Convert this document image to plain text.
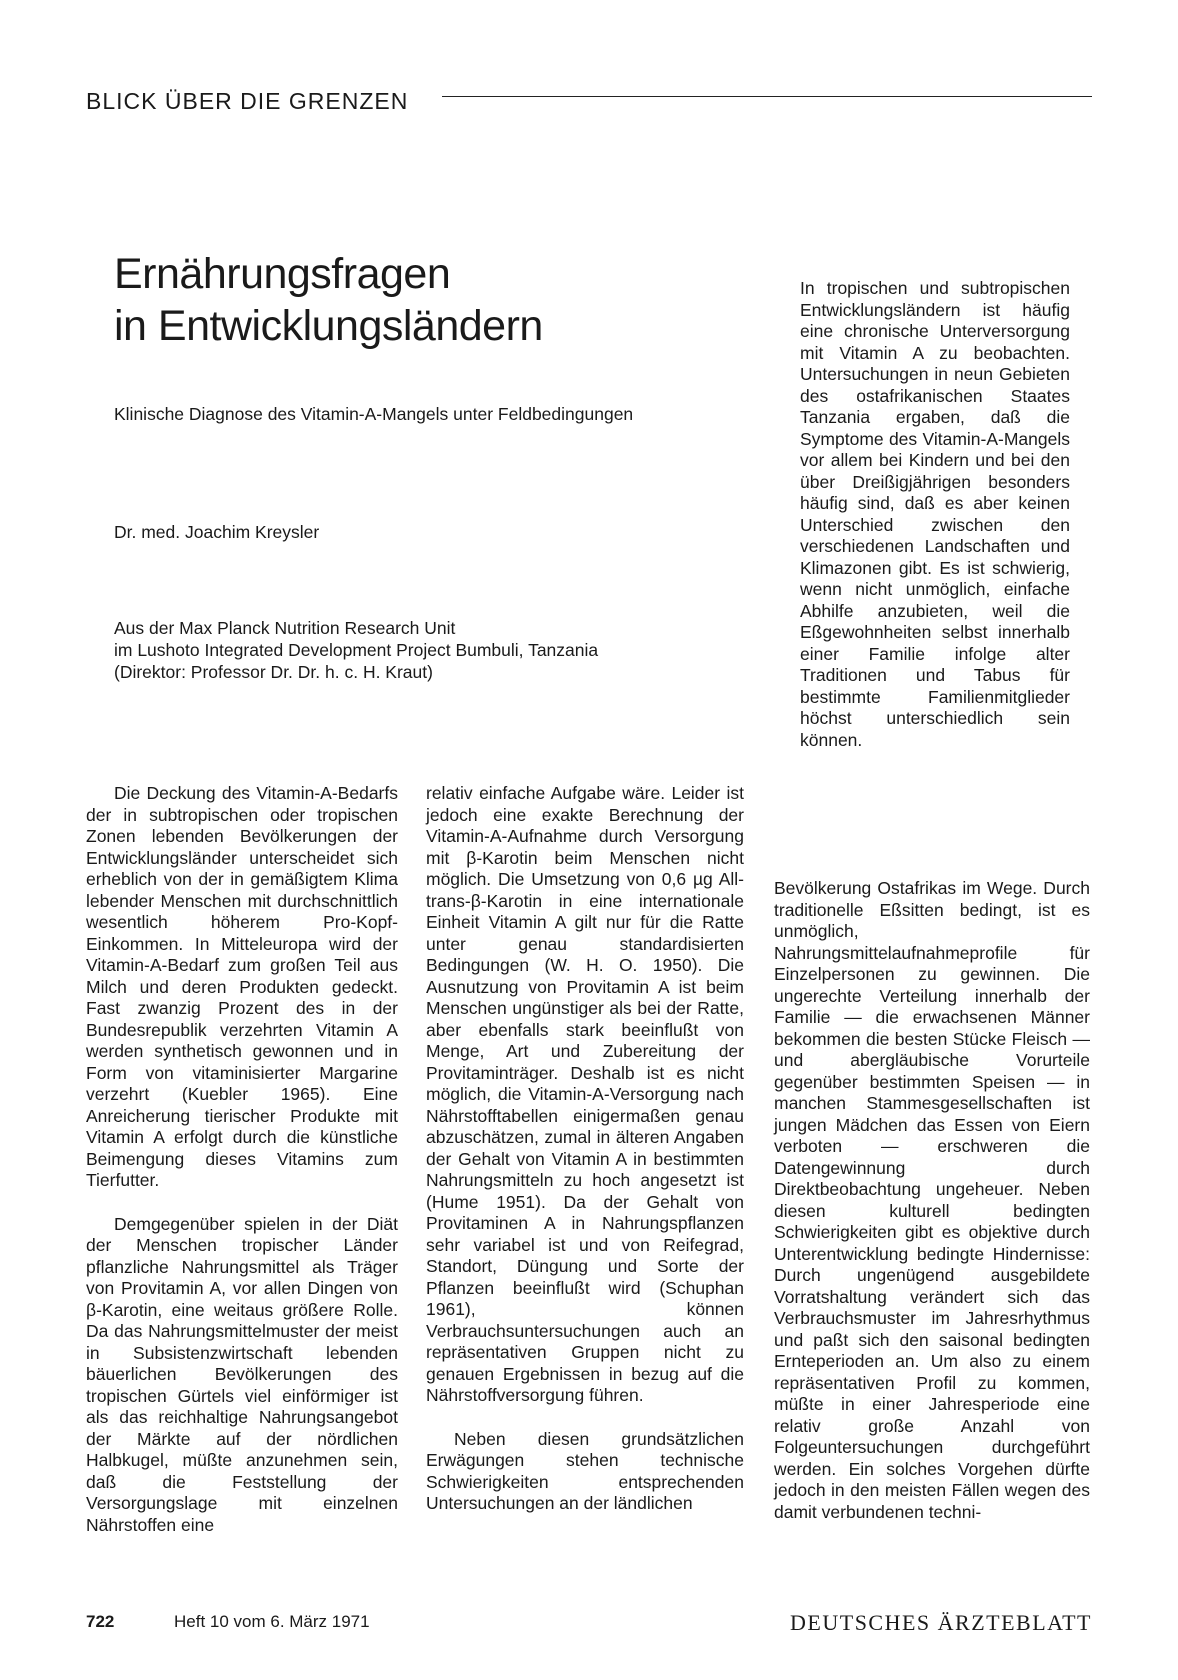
BLICK ÜBER DIE GRENZEN
Ernährungsfragen
in Entwicklungsländern
Klinische Diagnose des Vitamin-A-Mangels unter Feldbedingungen
Dr. med. Joachim Kreysler
Aus der Max Planck Nutrition Research Unit
im Lushoto Integrated Development Project Bumbuli, Tanzania
(Direktor: Professor Dr. Dr. h. c. H. Kraut)

In tropischen und subtropischen Entwicklungsländern ist häufig eine chronische Unterversorgung mit Vitamin A zu beobachten. Untersuchungen in neun Gebieten des ostafrikanischen Staates Tanzania ergaben, daß die Symptome des Vitamin-A-Mangels vor allem bei Kindern und bei den über Dreißigjährigen besonders häufig sind, daß es aber keinen Unterschied zwischen den verschiedenen Landschaften und Klimazonen gibt. Es ist schwierig, wenn nicht unmöglich, einfache Abhilfe anzubieten, weil die Eßgewohnheiten selbst innerhalb einer Familie infolge alter Traditionen und Tabus für bestimmte Familienmitglieder höchst unterschiedlich sein können.

Die Deckung des Vitamin-A-Bedarfs der in subtropischen oder tropischen Zonen lebenden Bevölkerungen der Entwicklungsländer unterscheidet sich erheblich von der in gemäßigtem Klima lebender Menschen mit durchschnittlich wesentlich höherem Pro-Kopf-Einkommen. In Mitteleuropa wird der Vitamin-A-Bedarf zum großen Teil aus Milch und deren Produkten gedeckt. Fast zwanzig Prozent des in der Bundesrepublik verzehrten Vitamin A werden synthetisch gewonnen und in Form von vitaminisierter Margarine verzehrt (Kuebler 1965). Eine Anreicherung tierischer Produkte mit Vitamin A erfolgt durch die künstliche Beimengung dieses Vitamins zum Tierfutter.

Demgegenüber spielen in der Diät der Menschen tropischer Länder pflanzliche Nahrungsmittel als Träger von Provitamin A, vor allen Dingen von β-Karotin, eine weitaus größere Rolle. Da das Nahrungsmittelmuster der meist in Subsistenzwirtschaft lebenden bäuerlichen Bevölkerungen des tropischen Gürtels viel einförmiger ist als das reichhaltige Nahrungsangebot der Märkte auf der nördlichen Halbkugel, müßte anzunehmen sein, daß die Feststellung der Versorgungslage mit einzelnen Nährstoffen eine

relativ einfache Aufgabe wäre. Leider ist jedoch eine exakte Berechnung der Vitamin-A-Aufnahme durch Versorgung mit β-Karotin beim Menschen nicht möglich. Die Umsetzung von 0,6 µg All-trans-β-Karotin in eine internationale Einheit Vitamin A gilt nur für die Ratte unter genau standardisierten Bedingungen (W. H. O. 1950). Die Ausnutzung von Provitamin A ist beim Menschen ungünstiger als bei der Ratte, aber ebenfalls stark beeinflußt von Menge, Art und Zubereitung der Provitaminträger. Deshalb ist es nicht möglich, die Vitamin-A-Versorgung nach Nährstofftabellen einigermaßen genau abzuschätzen, zumal in älteren Angaben der Gehalt von Vitamin A in bestimmten Nahrungsmitteln zu hoch angesetzt ist (Hume 1951). Da der Gehalt von Provitaminen A in Nahrungspflanzen sehr variabel ist und von Reifegrad, Standort, Düngung und Sorte der Pflanzen beeinflußt wird (Schuphan 1961), können Verbrauchsuntersuchungen auch an repräsentativen Gruppen nicht zu genauen Ergebnissen in bezug auf die Nährstoffversorgung führen.

Neben diesen grundsätzlichen Erwägungen stehen technische Schwierigkeiten entsprechenden Untersuchungen an der ländlichen

Bevölkerung Ostafrikas im Wege. Durch traditionelle Eßsitten bedingt, ist es unmöglich, Nahrungsmittelaufnahmeprofile für Einzelpersonen zu gewinnen. Die ungerechte Verteilung innerhalb der Familie — die erwachsenen Männer bekommen die besten Stücke Fleisch — und abergläubische Vorurteile gegenüber bestimmten Speisen — in manchen Stammesgesellschaften ist jungen Mädchen das Essen von Eiern verboten — erschweren die Datengewinnung durch Direktbeobachtung ungeheuer. Neben diesen kulturell bedingten Schwierigkeiten gibt es objektive durch Unterentwicklung bedingte Hindernisse: Durch ungenügend ausgebildete Vorratshaltung verändert sich das Verbrauchsmuster im Jahresrhythmus und paßt sich den saisonal bedingten Ernteperioden an. Um also zu einem repräsentativen Profil zu kommen, müßte in einer Jahresperiode eine relativ große Anzahl von Folgeuntersuchungen durchgeführt werden. Ein solches Vorgehen dürfte jedoch in den meisten Fällen wegen des damit verbundenen techni-

722	Heft 10 vom 6. März 1971	DEUTSCHES ÄRZTEBLATT
